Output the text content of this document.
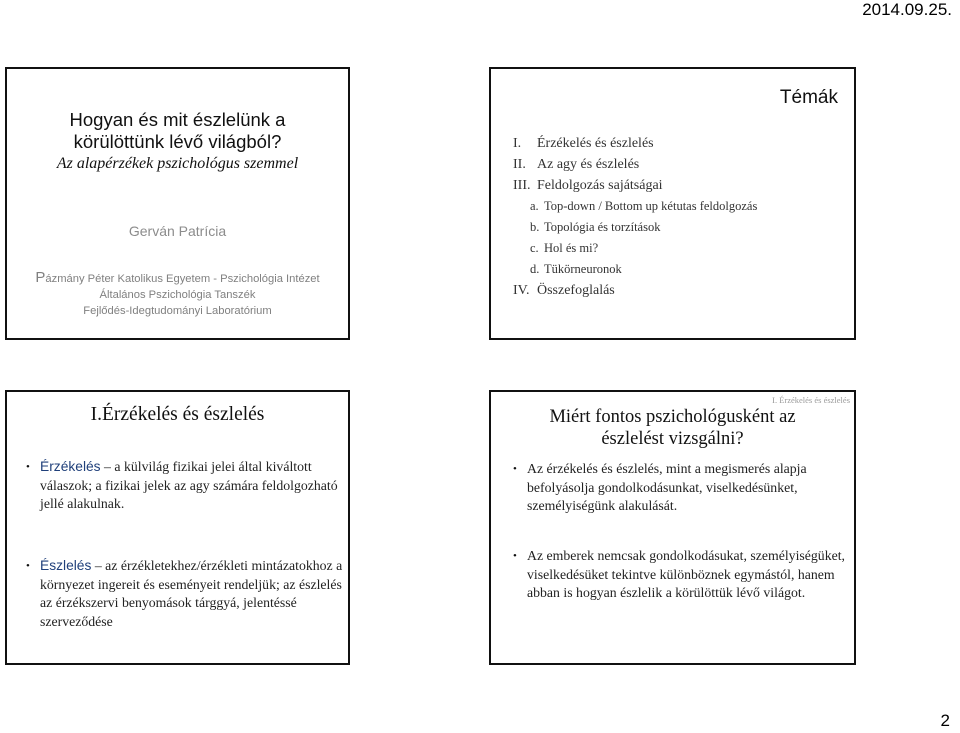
2014.09.25.
Hogyan és mit észlelünk a
körülöttünk lévő világból?
Az alapérzékek pszichológus szemmel
Gerván Patrícia
Pázmány Péter Katolikus Egyetem - Pszichológia Intézet
Általános Pszichológia Tanszék
Fejlődés-Idegtudományi Laboratórium
Témák
I. Érzékelés és észlelés
II. Az agy és észlelés
III. Feldolgozás sajátságai
a. Top-down / Bottom up kétutas feldolgozás
b. Topológia és torzítások
c. Hol és mi?
d. Tükörneuronok
IV. Összefoglalás
I.Érzékelés és észlelés
• Érzékelés – a külvilág fizikai jelei által kiváltott válaszok; a fizikai jelek az agy számára feldolgozható jellé alakulnak.
• Észlelés – az érzékletekhez/érzékleti mintázatokhoz a környezet ingereit és eseményeit rendeljük; az észlelés az érzékszervi benyomások tárggyá, jelentéssé szerveződése
I. Érzékelés és észlelés
Miért fontos pszichológusként az
észlelést vizsgálni?
• Az érzékelés és észlelés, mint a megismerés alapja befolyásolja gondolkodásunkat, viselkedésünket, személyiségünk alakulását.
• Az emberek nemcsak gondolkodásukat, személyiségüket, viselkedésüket tekintve különböznek egymástól, hanem abban is hogyan észlelik a körülöttük lévő világot.
2
